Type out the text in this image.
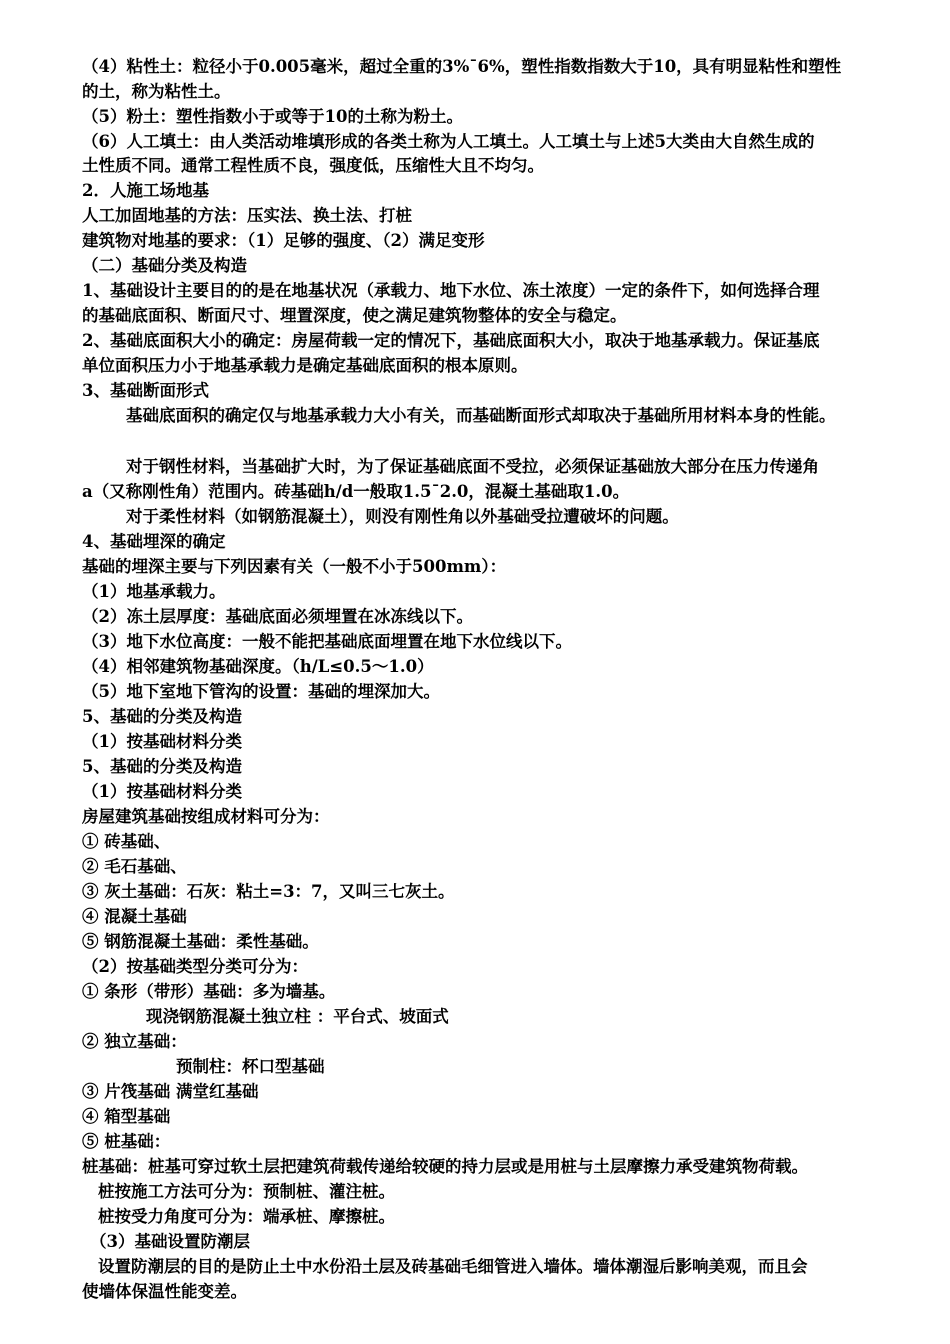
（4）粘性土：粒径小于0.005毫米，超过全重的3%¯6%，塑性指数指数大于10，具有明显粘性和塑性
的土，称为粘性土。
（5）粉土：塑性指数小于或等于10的土称为粉土。
（6）人工填土：由人类活动堆填形成的各类土称为人工填土。人工填土与上述5大类由大自然生成的
土性质不同。通常工程性质不良，强度低，压缩性大且不均匀。
2．人施工场地基
人工加固地基的方法：压实法、换土法、打桩
建筑物对地基的要求：（1）足够的强度、（2）满足变形
（二）基础分类及构造
1、基础设计主要目的的是在地基状况（承载力、地下水位、冻土浓度）一定的条件下，如何选择合理
的基础底面积、断面尺寸、埋置深度，使之满足建筑物整体的安全与稳定。
2、基础底面积大小的确定：房屋荷载一定的情况下，基础底面积大小，取决于地基承载力。保证基底
单位面积压力小于地基承载力是确定基础底面积的根本原则。
3、基础断面形式
基础底面积的确定仅与地基承载力大小有关，而基础断面形式却取决于基础所用材料本身的性能。
对于钢性材料，当基础扩大时，为了保证基础底面不受拉，必须保证基础放大部分在压力传递角
a（又称刚性角）范围内。砖基础h/d一般取1.5¯2.0，混凝土基础取1.0。
对于柔性材料（如钢筋混凝土），则没有刚性角以外基础受拉遭破坏的问题。
4、基础埋深的确定
基础的埋深主要与下列因素有关（一般不小于500mm）：
（1）地基承载力。
（2）冻土层厚度：基础底面必须埋置在冰冻线以下。
（3）地下水位高度：一般不能把基础底面埋置在地下水位线以下。
（4）相邻建筑物基础深度。（h/L≤0.5～1.0）
（5）地下室地下管沟的设置：基础的埋深加大。
5、基础的分类及构造
（1）按基础材料分类
5、基础的分类及构造
（1）按基础材料分类
房屋建筑基础按组成材料可分为：
① 砖基础、
② 毛石基础、
③ 灰土基础：石灰：粘土=3：7，又叫三七灰土。
④ 混凝土基础
⑤ 钢筋混凝土基础：柔性基础。
（2）按基础类型分类可分为：
① 条形（带形）基础：多为墙基。
现浇钢筋混凝土独立柱 ：平台式、坡面式
② 独立基础：
预制柱：杯口型基础
③ 片筏基础 满堂红基础
④ 箱型基础
⑤ 桩基础：
桩基础：桩基可穿过软土层把建筑荷载传递给较硬的持力层或是用桩与土层摩擦力承受建筑物荷载。
桩按施工方法可分为：预制桩、灌注桩。
桩按受力角度可分为：端承桩、摩擦桩。
（3）基础设置防潮层
设置防潮层的目的是防止土中水份沿土层及砖基础毛细管进入墙体。墙体潮湿后影响美观，而且会
使墙体保温性能变差。
